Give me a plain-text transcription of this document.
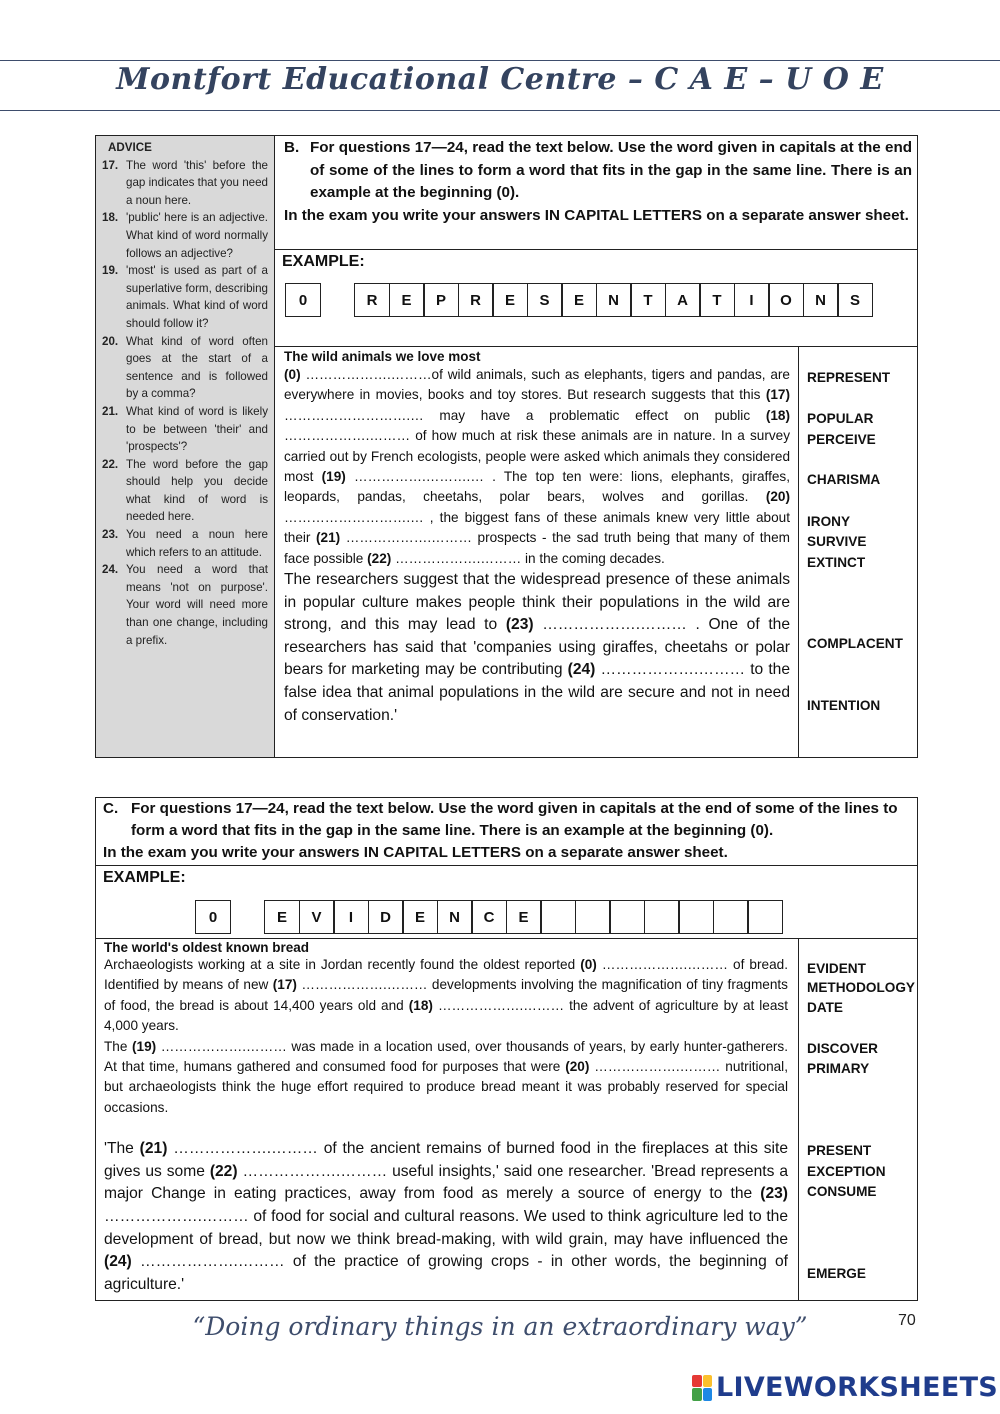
Montfort Educational Centre – C A E – U O E
ADVICE
17. The word 'this' before the gap indicates that you need a noun here.
18. 'public' here is an adjective. What kind of word normally follows an adjective?
19. 'most' is used as part of a superlative form, describing animals. What kind of word should follow it?
20. What kind of word often goes at the start of a sentence and is followed by a comma?
21. What kind of word is likely to be between 'their' and 'prospects'?
22. The word before the gap should help you decide what kind of word is needed here.
23. You need a noun here which refers to an attitude.
24. You need a word that means 'not on purpose'. Your word will need more than one change, including a prefix.
B. For questions 17—24, read the text below. Use the word given in capitals at the end of some of the lines to form a word that fits in the gap in the same line. There is an example at the beginning (0).
In the exam you write your answers IN CAPITAL LETTERS on a separate answer sheet.
EXAMPLE:
0	R	E	P	R	E	S	E	N	T	A	T	I	O	N	S
The wild animals we love most
(0) ……………….………of wild animals, such as elephants, tigers and pandas, are everywhere in movies, books and toy stores. But research suggests that this (17) ……………………….… may have a problematic effect on public (18) ……………….……… of how much at risk these animals are in nature. In a survey carried out by French ecologists, people were asked which animals they considered most (19) …………….……….… . The top ten were: lions, elephants, giraffes, leopards, pandas, cheetahs, polar bears, wolves and gorillas. (20) ……………………….… , the biggest fans of these animals knew very little about their (21) ……………….……… prospects - the sad truth being that many of them face possible (22) ……………….……… in the coming decades.
The researchers suggest that the widespread presence of these animals in popular culture makes people think their populations in the wild are strong, and this may lead to (23) ……………….……… . One of the researchers has said that 'companies using giraffes, cheetahs or polar bears for marketing may be contributing (24) ……………….……… to the false idea that animal populations in the wild are secure and not in need of conservation.'
REPRESENT
POPULAR
PERCEIVE
CHARISMA
IRONY
SURVIVE
EXTINCT
COMPLACENT
INTENTION
C. For questions 17—24, read the text below. Use the word given in capitals at the end of some of the lines to form a word that fits in the gap in the same line. There is an example at the beginning (0).
In the exam you write your answers IN CAPITAL LETTERS on a separate answer sheet.
EXAMPLE:
0	E	V	I	D	E	N	C	E
The world's oldest known bread
Archaeologists working at a site in Jordan recently found the oldest reported (0) ……………….……… of bread. Identified by means of new (17) ……………….……… developments involving the magnification of tiny fragments of food, the bread is about 14,400 years old and (18) ……………….……… the advent of agriculture by at least 4,000 years.
The (19) ……………….……… was made in a location used, over thousands of years, by early hunter-gatherers. At that time, humans gathered and consumed food for purposes that were (20) ……………….……… nutritional, but archaeologists think the huge effort required to produce bread meant it was probably reserved for special occasions.
'The (21) ……………….……… of the ancient remains of burned food in the fireplaces at this site gives us some (22) ……………….……… useful insights,' said one researcher. 'Bread represents a major Change in eating practices, away from food as merely a source of energy to the (23) ……………….……… of food for social and cultural reasons. We used to think agriculture led to the development of bread, but now we think bread-making, with wild grain, may have influenced the (24) ……………….……… of the practice of growing crops - in other words, the beginning of agriculture.'
EVIDENT
METHODOLOGY
DATE
DISCOVER
PRIMARY
PRESENT
EXCEPTION
CONSUME
EMERGE
“Doing ordinary things in an extraordinary way”	70
LIVEWORKSHEETS
